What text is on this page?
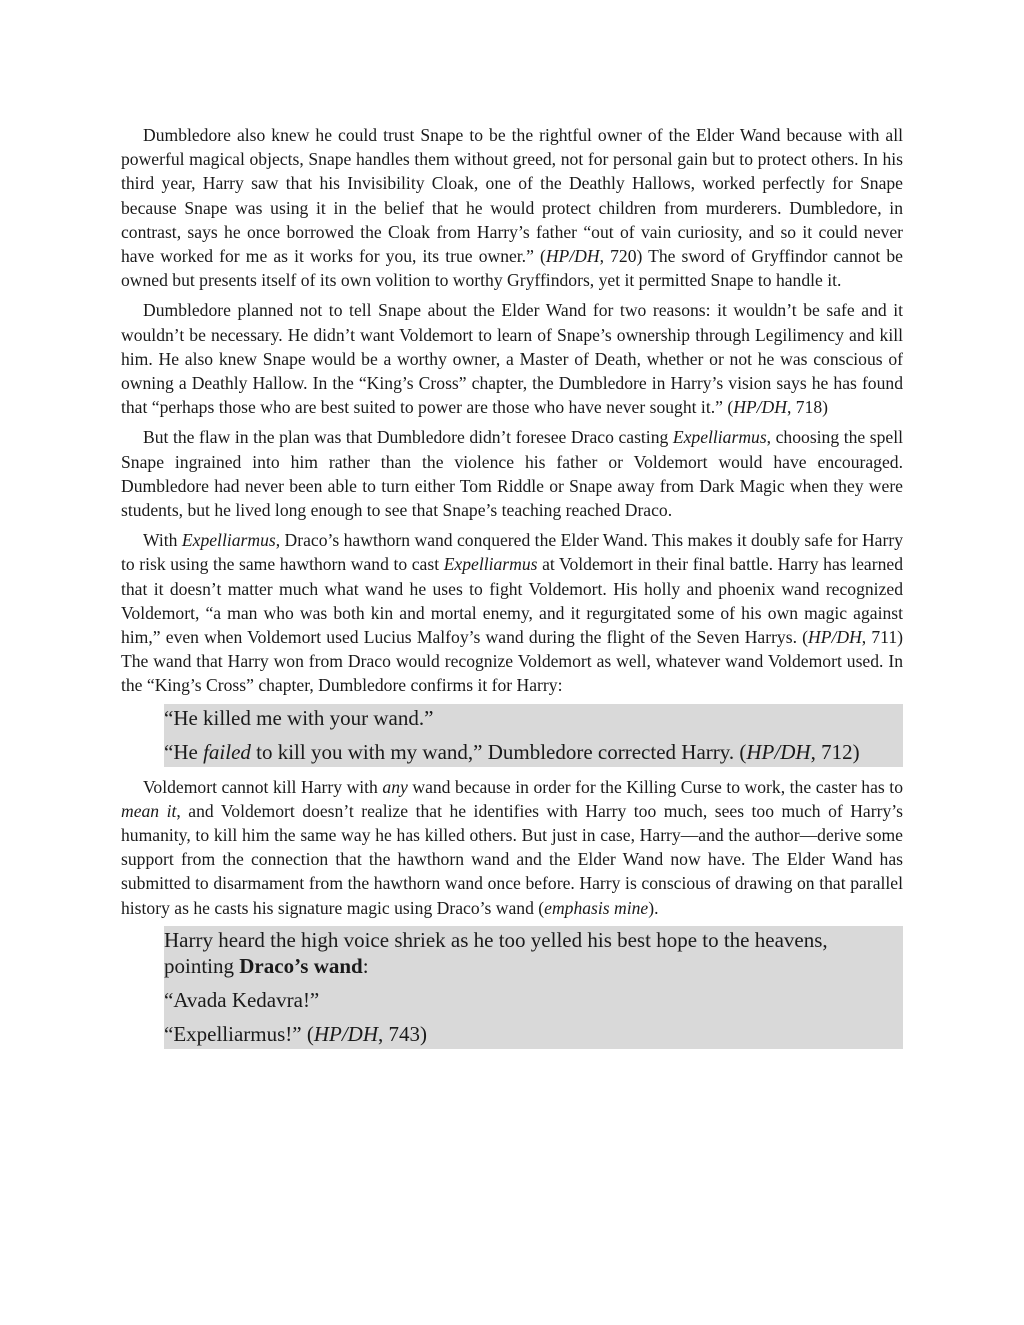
Dumbledore also knew he could trust Snape to be the rightful owner of the Elder Wand because with all powerful magical objects, Snape handles them without greed, not for personal gain but to protect others. In his third year, Harry saw that his Invisibility Cloak, one of the Deathly Hallows, worked perfectly for Snape because Snape was using it in the belief that he would protect children from murderers. Dumbledore, in contrast, says he once borrowed the Cloak from Harry’s father “out of vain curiosity, and so it could never have worked for me as it works for you, its true owner.” (HP/DH, 720) The sword of Gryffindor cannot be owned but presents itself of its own volition to worthy Gryffindors, yet it permitted Snape to handle it.

Dumbledore planned not to tell Snape about the Elder Wand for two reasons: it wouldn’t be safe and it wouldn’t be necessary. He didn’t want Voldemort to learn of Snape’s ownership through Legilimency and kill him. He also knew Snape would be a worthy owner, a Master of Death, whether or not he was conscious of owning a Deathly Hallow. In the “King’s Cross” chapter, the Dumbledore in Harry’s vision says he has found that “perhaps those who are best suited to power are those who have never sought it.” (HP/DH, 718)

But the flaw in the plan was that Dumbledore didn’t foresee Draco casting Expelliarmus, choosing the spell Snape ingrained into him rather than the violence his father or Voldemort would have encouraged. Dumbledore had never been able to turn either Tom Riddle or Snape away from Dark Magic when they were students, but he lived long enough to see that Snape’s teaching reached Draco.

With Expelliarmus, Draco’s hawthorn wand conquered the Elder Wand. This makes it doubly safe for Harry to risk using the same hawthorn wand to cast Expelliarmus at Voldemort in their final battle. Harry has learned that it doesn’t matter much what wand he uses to fight Voldemort. His holly and phoenix wand recognized Voldemort, “a man who was both kin and mortal enemy, and it regurgitated some of his own magic against him,” even when Voldemort used Lucius Malfoy’s wand during the flight of the Seven Harrys. (HP/DH, 711) The wand that Harry won from Draco would recognize Voldemort as well, whatever wand Voldemort used. In the “King’s Cross” chapter, Dumbledore confirms it for Harry:

“He killed me with your wand.”

“He failed to kill you with my wand,” Dumbledore corrected Harry. (HP/DH, 712)

Voldemort cannot kill Harry with any wand because in order for the Killing Curse to work, the caster has to mean it, and Voldemort doesn’t realize that he identifies with Harry too much, sees too much of Harry’s humanity, to kill him the same way he has killed others. But just in case, Harry—and the author—derive some support from the connection that the hawthorn wand and the Elder Wand now have. The Elder Wand has submitted to disarmament from the hawthorn wand once before. Harry is conscious of drawing on that parallel history as he casts his signature magic using Draco’s wand (emphasis mine).

Harry heard the high voice shriek as he too yelled his best hope to the heavens, pointing Draco’s wand:

“Avada Kedavra!”

“Expelliarmus!” (HP/DH, 743)
